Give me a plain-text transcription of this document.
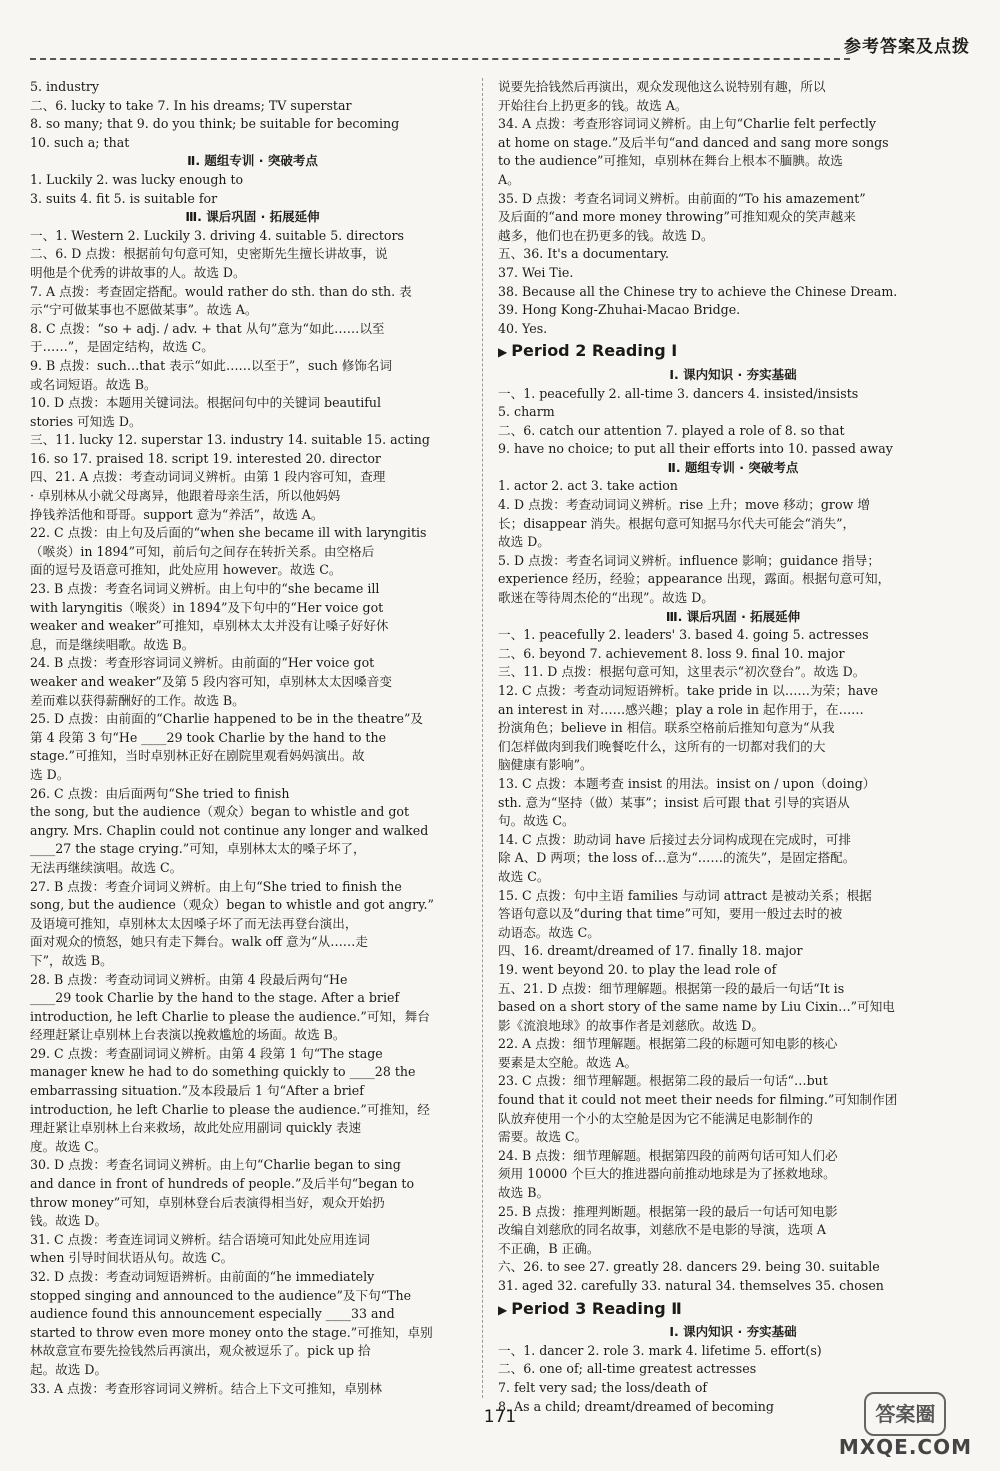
参考答案及点拨
5. industry
二、6. lucky to take 7. In his dreams; TV superstar
8. so many; that 9. do you think; be suitable for becoming
10. such a; that
Ⅱ. 题组专训 · 突破考点
1. Luckily 2. was lucky enough to
3. suits 4. fit 5. is suitable for
Ⅲ. 课后巩固 · 拓展延伸
一、1. Western 2. Luckily 3. driving 4. suitable 5. directors
二、6. D 点拨：根据前句句意可知，史密斯先生擅长讲故事，说
明他是个优秀的讲故事的人。故选 D。
7. A 点拨：考查固定搭配。would rather do sth. than do sth. 表
示“宁可做某事也不愿做某事”。故选 A。
8. C 点拨：“so + adj. / adv. + that 从句”意为“如此……以至
于……”，是固定结构，故选 C。
9. B 点拨：such…that 表示“如此……以至于”，such 修饰名词
或名词短语。故选 B。
10. D 点拨：本题用关键词法。根据问句中的关键词 beautiful
stories 可知选 D。
三、11. lucky 12. superstar 13. industry 14. suitable 15. acting
16. so 17. praised 18. script 19. interested 20. director
四、21. A 点拨：考查动词词义辨析。由第 1 段内容可知，查理
· 卓别林从小就父母离异，他跟着母亲生活，所以他妈妈
挣钱养活他和哥哥。support 意为“养活”，故选 A。
22. C 点拨：由上句及后面的“when she became ill with laryngitis
（喉炎）in 1894”可知，前后句之间存在转折关系。由空格后
面的逗号及语意可推知，此处应用 however。故选 C。
23. B 点拨：考查名词词义辨析。由上句中的“she became ill
with laryngitis（喉炎）in 1894”及下句中的“Her voice got
weaker and weaker”可推知，卓别林太太并没有让嗓子好好休
息，而是继续唱歌。故选 B。
24. B 点拨：考查形容词词义辨析。由前面的“Her voice got
weaker and weaker”及第 5 段内容可知，卓别林太太因嗓音变
差而难以获得薪酬好的工作。故选 B。
25. D 点拨：由前面的“Charlie happened to be in the theatre”及
第 4 段第 3 句“He ____29 took Charlie by the hand to the
stage.”可推知，当时卓别林正好在剧院里观看妈妈演出。故
选 D。
26. C 点拨：由后面两句“She tried to finish
the song, but the audience（观众）began to whistle and got
angry. Mrs. Chaplin could not continue any longer and walked
____27 the stage crying.”可知，卓别林太太的嗓子坏了，
无法再继续演唱。故选 C。
27. B 点拨：考查介词词义辨析。由上句“She tried to finish the
song, but the audience（观众）began to whistle and got angry.”
及语境可推知，卓别林太太因嗓子坏了而无法再登台演出，
面对观众的愤怒，她只有走下舞台。walk off 意为“从……走
下”，故选 B。
28. B 点拨：考查动词词义辨析。由第 4 段最后两句“He
____29 took Charlie by the hand to the stage. After a brief
introduction, he left Charlie to please the audience.”可知，舞台
经理赶紧让卓别林上台表演以挽救尴尬的场面。故选 B。
29. C 点拨：考查副词词义辨析。由第 4 段第 1 句“The stage
manager knew he had to do something quickly to ____28 the
embarrassing situation.”及本段最后 1 句“After a brief
introduction, he left Charlie to please the audience.”可推知，经
理赶紧让卓别林上台来救场，故此处应用副词 quickly 表速
度。故选 C。
30. D 点拨：考查名词词义辨析。由上句“Charlie began to sing
and dance in front of hundreds of people.”及后半句“began to
throw money”可知，卓别林登台后表演得相当好，观众开始扔
钱。故选 D。
31. C 点拨：考查连词词义辨析。结合语境可知此处应用连词
when 引导时间状语从句。故选 C。
32. D 点拨：考查动词短语辨析。由前面的“he immediately
stopped singing and announced to the audience”及下句“The
audience found this announcement especially ____33 and
started to throw even more money onto the stage.”可推知，卓别
林故意宣布要先捡钱然后再演出，观众被逗乐了。pick up 拾
起。故选 D。
33. A 点拨：考查形容词词义辨析。结合上下文可推知，卓别林
说要先拾钱然后再演出，观众发现他这么说特别有趣，所以
开始往台上扔更多的钱。故选 A。
34. A 点拨：考查形容词词义辨析。由上句“Charlie felt perfectly
at home on stage.”及后半句“and danced and sang more songs
to the audience”可推知，卓别林在舞台上根本不腼腆。故选
A。
35. D 点拨：考查名词词义辨析。由前面的“To his amazement”
及后面的“and more money throwing”可推知观众的笑声越来
越多，他们也在扔更多的钱。故选 D。
五、36. It's a documentary.
37. Wei Tie.
38. Because all the Chinese try to achieve the Chinese Dream.
39. Hong Kong-Zhuhai-Macao Bridge.
40. Yes.
▶ Period 2 Reading Ⅰ
Ⅰ. 课内知识 · 夯实基础
一、1. peacefully 2. all-time 3. dancers 4. insisted/insists
5. charm
二、6. catch our attention 7. played a role of 8. so that
9. have no choice; to put all their efforts into 10. passed away
Ⅱ. 题组专训 · 突破考点
1. actor 2. act 3. take action
4. D 点拨：考查动词词义辨析。rise 上升；move 移动；grow 增
长；disappear 消失。根据句意可知据马尔代夫可能会“消失”，
故选 D。
5. D 点拨：考查名词词义辨析。influence 影响；guidance 指导；
experience 经历，经验；appearance 出现，露面。根据句意可知，
歌迷在等待周杰伦的“出现”。故选 D。
Ⅲ. 课后巩固 · 拓展延伸
一、1. peacefully 2. leaders' 3. based 4. going 5. actresses
二、6. beyond 7. achievement 8. loss 9. final 10. major
三、11. D 点拨：根据句意可知，这里表示“初次登台”。故选 D。
12. C 点拨：考查动词短语辨析。take pride in 以……为荣；have
an interest in 对……感兴趣；play a role in 起作用于，在……
扮演角色；believe in 相信。联系空格前后推知句意为“从我
们怎样做肉到我们晚餐吃什么，这所有的一切都对我们的大
脑健康有影响”。
13. C 点拨：本题考查 insist 的用法。insist on / upon（doing）
sth. 意为“坚持（做）某事”；insist 后可跟 that 引导的宾语从
句。故选 C。
14. C 点拨：助动词 have 后接过去分词构成现在完成时，可排
除 A、D 两项；the loss of…意为“……的流失”，是固定搭配。
故选 C。
15. C 点拨：句中主语 families 与动词 attract 是被动关系；根据
答语句意以及“during that time”可知，要用一般过去时的被
动语态。故选 C。
四、16. dreamt/dreamed of 17. finally 18. major
19. went beyond 20. to play the lead role of
五、21. D 点拨：细节理解题。根据第一段的最后一句话“It is
based on a short story of the same name by Liu Cixin…”可知电
影《流浪地球》的故事作者是刘慈欣。故选 D。
22. A 点拨：细节理解题。根据第二段的标题可知电影的核心
要素是太空舱。故选 A。
23. C 点拨：细节理解题。根据第二段的最后一句话“…but
found that it could not meet their needs for filming.”可知制作团
队放弃使用一个小的太空舱是因为它不能满足电影制作的
需要。故选 C。
24. B 点拨：细节理解题。根据第四段的前两句话可知人们必
须用 10000 个巨大的推进器向前推动地球是为了拯救地球。
故选 B。
25. B 点拨：推理判断题。根据第一段的最后一句话可知电影
改编自刘慈欣的同名故事，刘慈欣不是电影的导演，选项 A
不正确，B 正确。
六、26. to see 27. greatly 28. dancers 29. being 30. suitable
31. aged 32. carefully 33. natural 34. themselves 35. chosen
▶ Period 3 Reading Ⅱ
Ⅰ. 课内知识 · 夯实基础
一、1. dancer 2. role 3. mark 4. lifetime 5. effort(s)
二、6. one of; all-time greatest actresses
7. felt very sad; the loss/death of
8. As a child; dreamt/dreamed of becoming
171	答案圈
MXQE.COM
